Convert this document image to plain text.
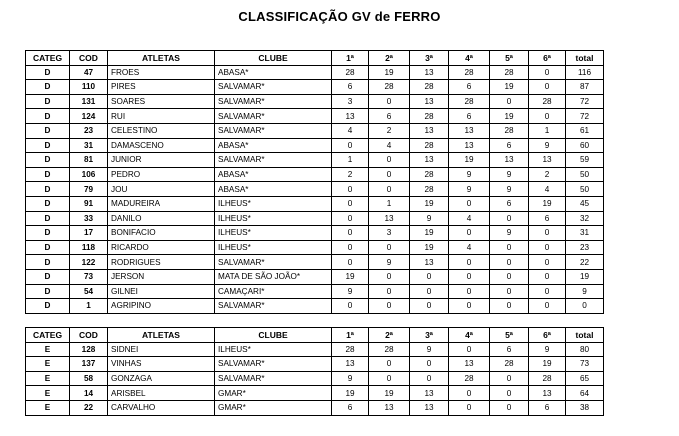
CLASSIFICAÇÃO GV de FERRO
CATEG	COD	ATLETAS	CLUBE	1ª	2ª	3ª	4ª	5ª	6ª	total
D	47	FROES	ABASA*	28	19	13	28	28	0	116
D	110	PIRES	SALVAMAR*	6	28	28	6	19	0	87
D	131	SOARES	SALVAMAR*	3	0	13	28	0	28	72
D	124	RUI	SALVAMAR*	13	6	28	6	19	0	72
D	23	CELESTINO	SALVAMAR*	4	2	13	13	28	1	61
D	31	DAMASCENO	ABASA*	0	4	28	13	6	9	60
D	81	JUNIOR	SALVAMAR*	1	0	13	19	13	13	59
D	106	PEDRO	ABASA*	2	0	28	9	9	2	50
D	79	JOU	ABASA*	0	0	28	9	9	4	50
D	91	MADUREIRA	ILHEUS*	0	1	19	0	6	19	45
D	33	DANILO	ILHEUS*	0	13	9	4	0	6	32
D	17	BONIFACIO	ILHEUS*	0	3	19	0	9	0	31
D	118	RICARDO	ILHEUS*	0	0	19	4	0	0	23
D	122	RODRIGUES	SALVAMAR*	0	9	13	0	0	0	22
D	73	JERSON	MATA DE SÃO JOÃO*	19	0	0	0	0	0	19
D	54	GILNEI	CAMAÇARI*	9	0	0	0	0	0	9
D	1	AGRIPINO	SALVAMAR*	0	0	0	0	0	0	0
CATEG	COD	ATLETAS	CLUBE	1ª	2ª	3ª	4ª	5ª	6ª	total
E	128	SIDNEI	ILHEUS*	28	28	9	0	6	9	80
E	137	VINHAS	SALVAMAR*	13	0	0	13	28	19	73
E	58	GONZAGA	SALVAMAR*	9	0	0	28	0	28	65
E	14	ARISBEL	GMAR*	19	19	13	0	0	13	64
E	22	CARVALHO	GMAR*	6	13	13	0	0	6	38
